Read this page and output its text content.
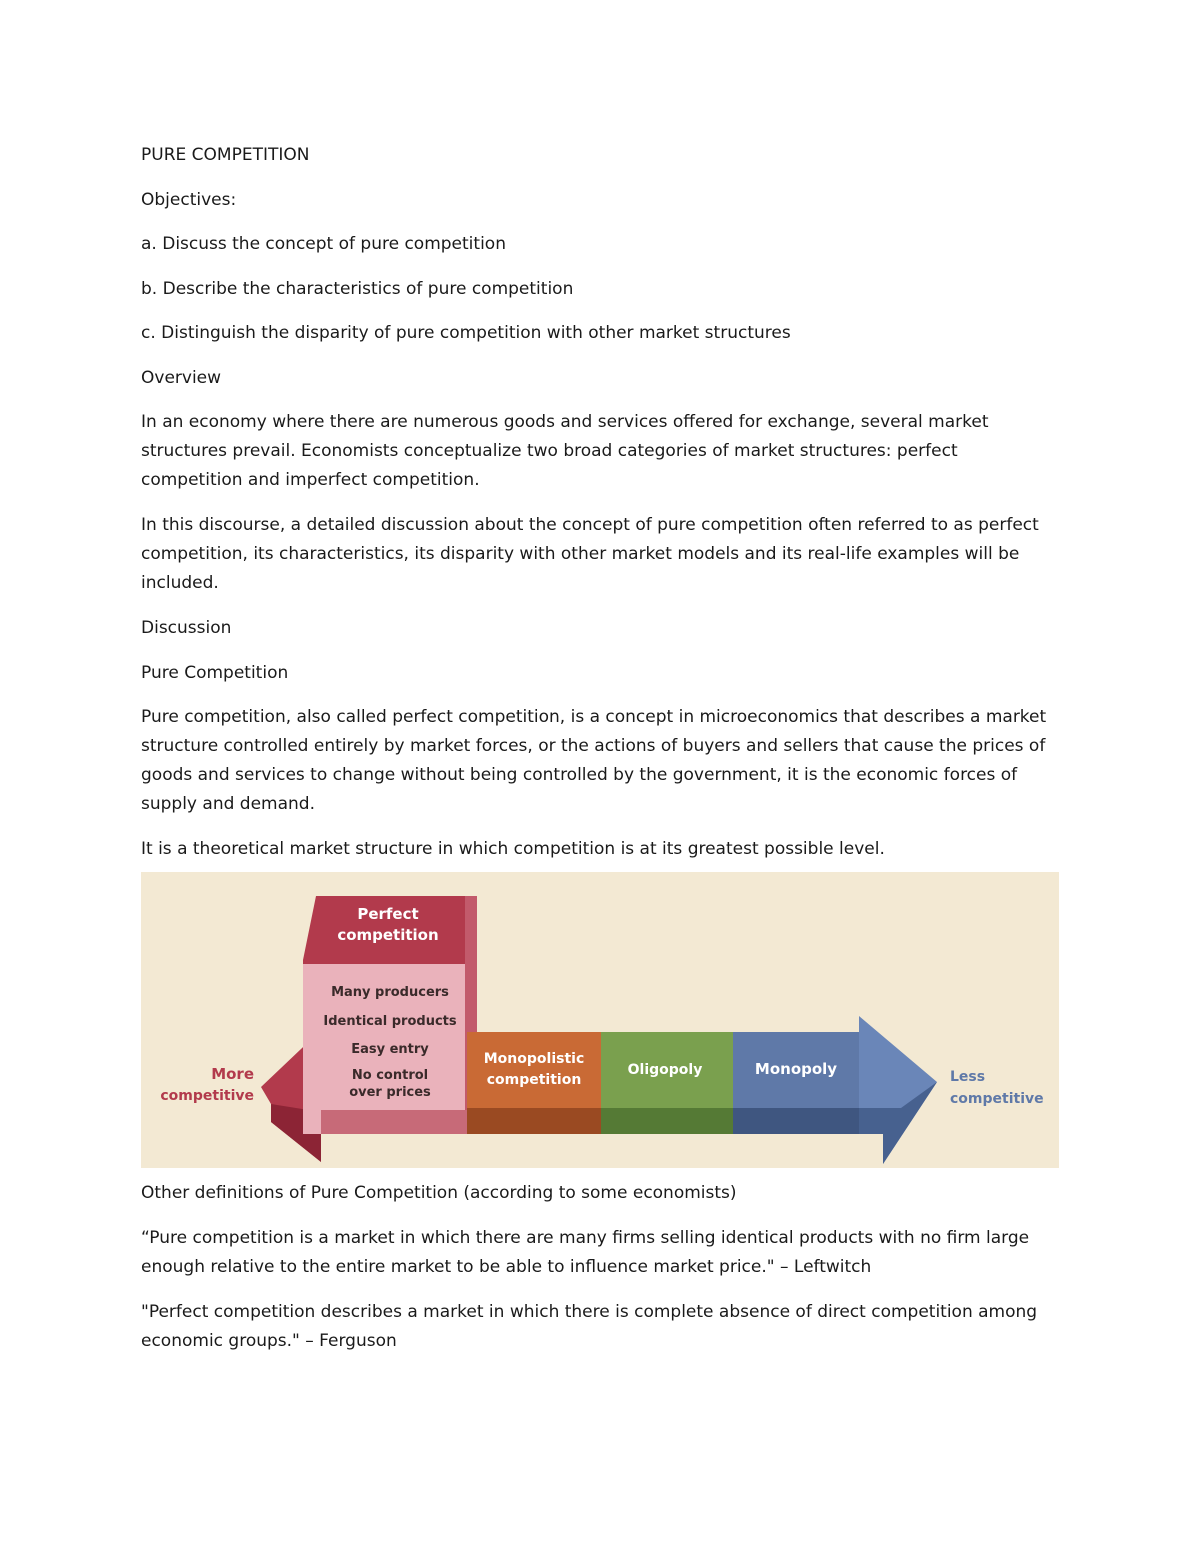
PURE COMPETITION

Objectives:

a. Discuss the concept of pure competition

b. Describe the characteristics of pure competition

c. Distinguish the disparity of pure competition with other market structures

Overview

In an economy where there are numerous goods and services offered for exchange, several market structures prevail. Economists conceptualize two broad categories of market structures: perfect competition and imperfect competition.

In this discourse, a detailed discussion about the concept of pure competition often referred to as perfect competition, its characteristics, its disparity with other market models and its real-life examples will be included.

Discussion

Pure Competition

Pure competition, also called perfect competition, is a concept in microeconomics that describes a market structure controlled entirely by market forces, or the actions of buyers and sellers that cause the prices of goods and services to change without being controlled by the government, it is the economic forces of supply and demand.

It is a theoretical market structure in which competition is at its greatest possible level.

More
competitive
Perfect
competition
Many producers
Identical products
Easy entry
No control
over prices
Monopolistic
competition
Oligopoly	Monopoly	Less
competitive

Other definitions of Pure Competition (according to some economists)

“Pure competition is a market in which there are many firms selling identical products with no firm large enough relative to the entire market to be able to influence market price." – Leftwitch

"Perfect competition describes a market in which there is complete absence of direct competition among economic groups." – Ferguson
